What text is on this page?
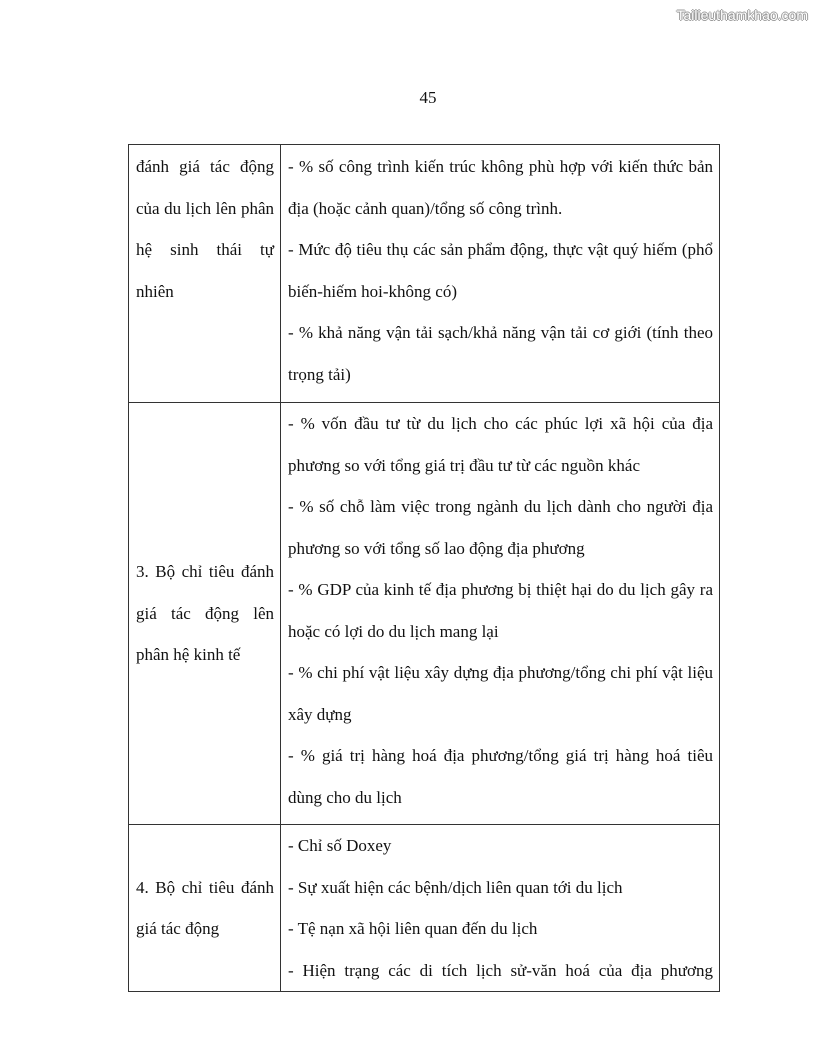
Tailieuthamkhao.com
45
đánh giá tác động của du lịch lên phân hệ sinh thái tự nhiên	- % số công trình kiến trúc không phù hợp với kiến thức bản địa (hoặc cảnh quan)/tổng số công trình.

- Mức độ tiêu thụ các sản phẩm động, thực vật quý hiếm (phổ biến-hiếm hoi-không có)

- % khả năng vận tải sạch/khả năng vận tải cơ giới (tính theo trọng tải)

3. Bộ chỉ tiêu đánh giá tác động lên phân hệ kinh tế	- % vốn đầu tư từ du lịch cho các phúc lợi xã hội của địa phương so với tổng giá trị đầu tư từ các nguồn khác

- % số chỗ làm việc trong ngành du lịch dành cho người địa phương so với tổng số lao động địa phương

- % GDP của kinh tế địa phương bị thiệt hại do du lịch gây ra hoặc có lợi do du lịch mang lại

- % chi phí vật liệu xây dựng địa phương/tổng chi phí vật liệu xây dựng

- % giá trị hàng hoá địa phương/tổng giá trị hàng hoá tiêu dùng cho du lịch

4. Bộ chỉ tiêu đánh giá tác động	- Chỉ số Doxey

- Sự xuất hiện các bệnh/dịch liên quan tới du lịch

- Tệ nạn xã hội liên quan đến du lịch

- Hiện trạng các di tích lịch sử-văn hoá của địa phương
